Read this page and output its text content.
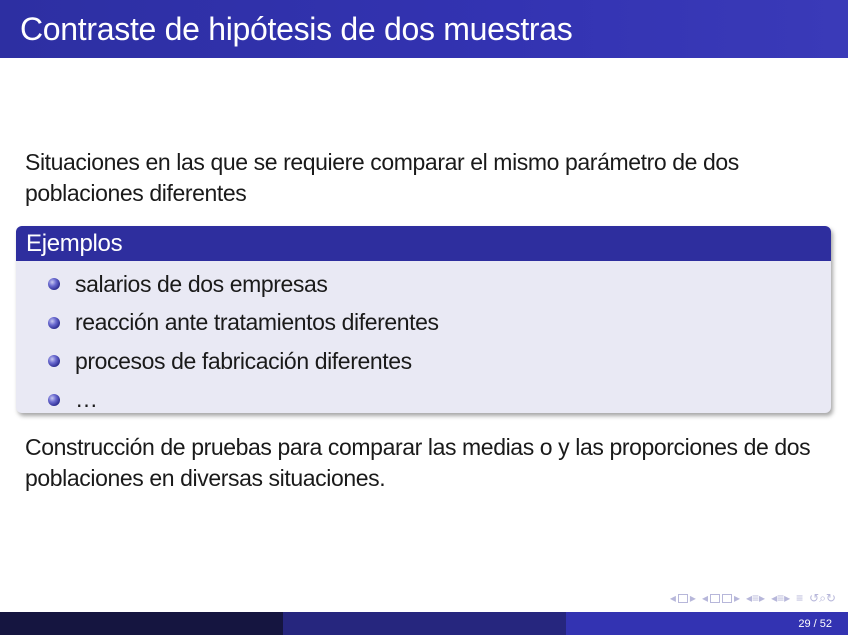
Contraste de hipótesis de dos muestras
Situaciones en las que se requiere comparar el mismo parámetro de dos poblaciones diferentes
Ejemplos
salarios de dos empresas
reacción ante tratamientos diferentes
procesos de fabricación diferentes
…
Construcción de pruebas para comparar las medias o y las proporciones de dos poblaciones en diversas situaciones.
◂ ▸ ◂ ▸ ◂≡▸ ◂≡▸ ≡ ↺⌕↻
29 / 52
